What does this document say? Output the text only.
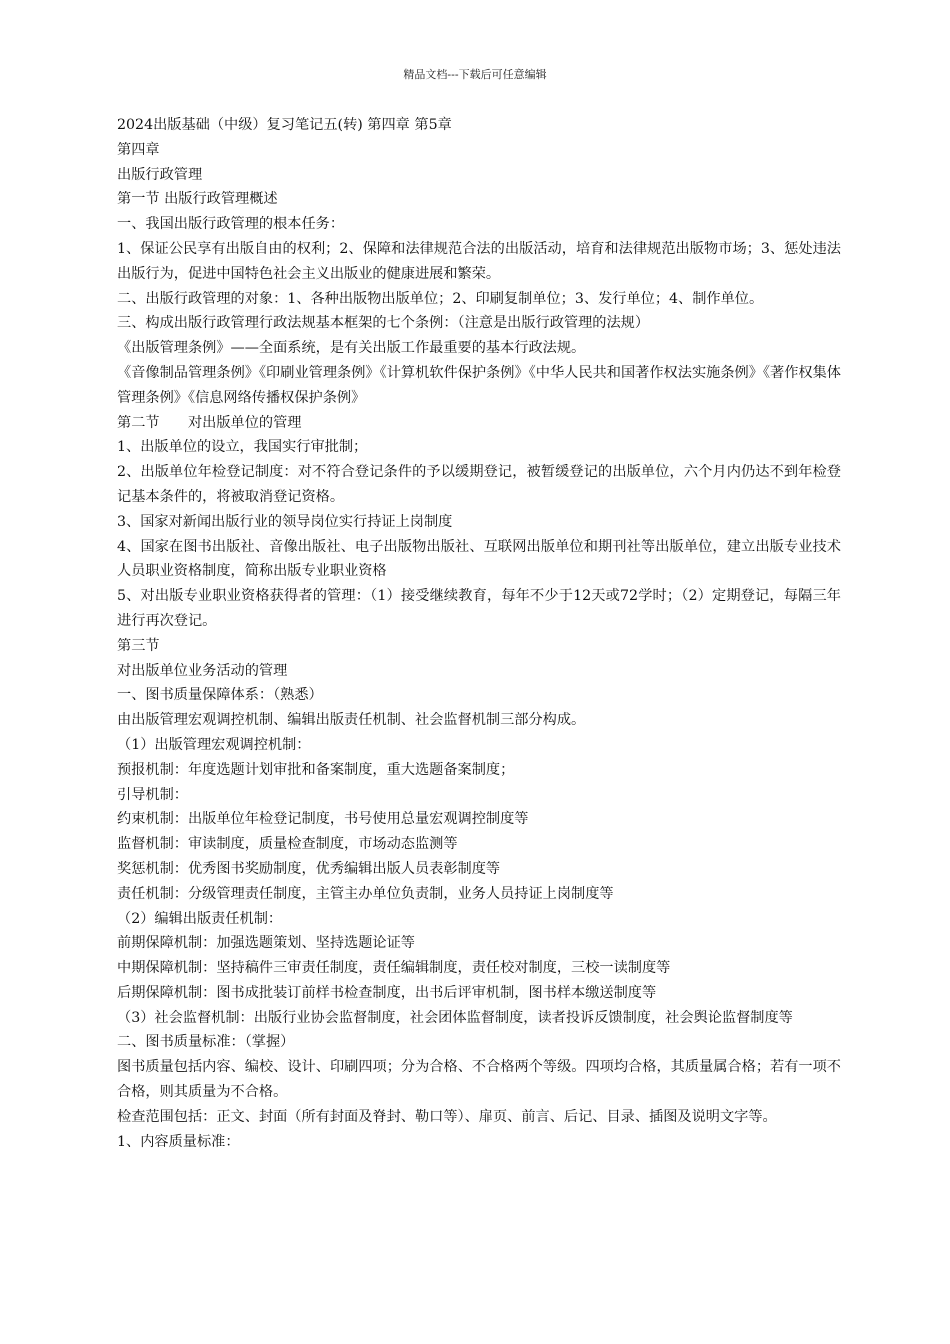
精品文档---下载后可任意编辑

2024出版基础（中级）复习笔记五(转) 第四章 第5章

第四章

出版行政管理

第一节 出版行政管理概述

一、我国出版行政管理的根本任务：

1、保证公民享有出版自由的权利；2、保障和法律规范合法的出版活动，培育和法律规范出版物市场；3、惩处违法出版行为，促进中国特色社会主义出版业的健康进展和繁荣。

二、出版行政管理的对象：1、各种出版物出版单位；2、印刷复制单位；3、发行单位；4、制作单位。

三、构成出版行政管理行政法规基本框架的七个条例：（注意是出版行政管理的法规）

《出版管理条例》——全面系统，是有关出版工作最重要的基本行政法规。

《音像制品管理条例》《印刷业管理条例》《计算机软件保护条例》《中华人民共和国著作权法实施条例》《著作权集体管理条例》《信息网络传播权保护条例》

第二节　　对出版单位的管理

1、出版单位的设立，我国实行审批制；

2、出版单位年检登记制度：对不符合登记条件的予以缓期登记，被暂缓登记的出版单位，六个月内仍达不到年检登记基本条件的，将被取消登记资格。

3、国家对新闻出版行业的领导岗位实行持证上岗制度

4、国家在图书出版社、音像出版社、电子出版物出版社、互联网出版单位和期刊社等出版单位，建立出版专业技术人员职业资格制度，简称出版专业职业资格

5、对出版专业职业资格获得者的管理：（1）接受继续教育，每年不少于12天或72学时；（2）定期登记，每隔三年进行再次登记。

第三节

对出版单位业务活动的管理

一、图书质量保障体系：（熟悉）

由出版管理宏观调控机制、编辑出版责任机制、社会监督机制三部分构成。

（1）出版管理宏观调控机制：

预报机制：年度选题计划审批和备案制度，重大选题备案制度；

引导机制：

约束机制：出版单位年检登记制度，书号使用总量宏观调控制度等

监督机制：审读制度，质量检查制度，市场动态监测等

奖惩机制：优秀图书奖励制度，优秀编辑出版人员表彰制度等

责任机制：分级管理责任制度，主管主办单位负责制，业务人员持证上岗制度等

（2）编辑出版责任机制：

前期保障机制：加强选题策划、坚持选题论证等

中期保障机制：坚持稿件三审责任制度，责任编辑制度，责任校对制度，三校一读制度等

后期保障机制：图书成批装订前样书检查制度，出书后评审机制，图书样本缴送制度等

（3）社会监督机制：出版行业协会监督制度，社会团体监督制度，读者投诉反馈制度，社会舆论监督制度等

二、图书质量标准：（掌握）

图书质量包括内容、编校、设计、印刷四项；分为合格、不合格两个等级。四项均合格，其质量属合格；若有一项不合格，则其质量为不合格。

检查范围包括：正文、封面（所有封面及脊封、勒口等）、扉页、前言、后记、目录、插图及说明文字等。

1、内容质量标准：
